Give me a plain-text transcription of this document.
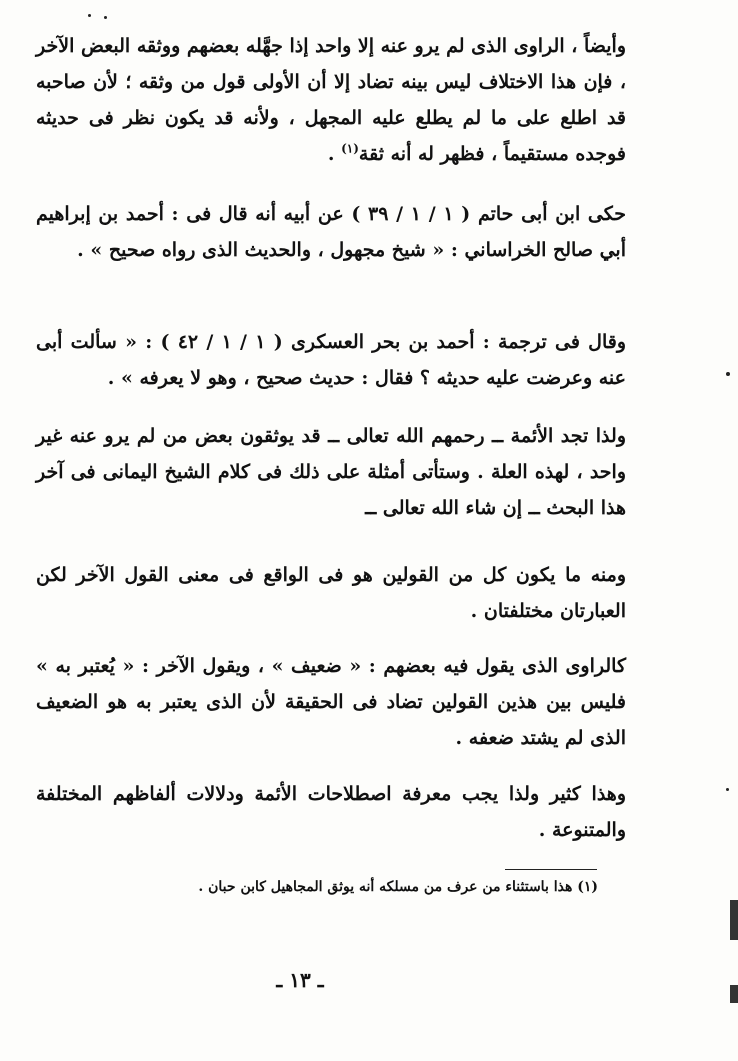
وأيضاً ، الراوى الذى لم يرو عنه إلا واحد إذا جهَّله بعضهم ووثقه البعض الآخر ، فإن هذا الاختلاف ليس بينه تضاد إلا أن الأولى قول من وثقه ؛ لأن صاحبه قد اطلع على ما لم يطلع عليه المجهل ، ولأنه قد يكون نظر فى حديثه فوجده مستقيماً ، فظهر له أنه ثقة$^{(١)}$ .

حكى ابن أبى حاتم ( ١ / ١ / ٣٩ ) عن أبيه أنه قال فى : أحمد بن إبراهيم أبي صالح الخراساني : « شيخ مجهول ، والحديث الذى رواه صحيح » .

وقال فى ترجمة : أحمد بن بحر العسكرى ( ١ / ١ / ٤٢ ) : « سألت أبى عنه وعرضت عليه حديثه ؟ فقال : حديث صحيح ، وهو لا يعرفه » .

ولذا تجد الأئمة ــ رحمهم الله تعالى ــ قد يوثقون بعض من لم يرو عنه غير واحد ، لهذه العلة . وستأتى أمثلة على ذلك فى كلام الشيخ اليمانى فى آخر هذا البحث ــ إن شاء الله تعالى ــ

ومنه ما يكون كل من القولين هو فى الواقع فى معنى القول الآخر لكن العبارتان مختلفتان .

كالراوى الذى يقول فيه بعضهم : « ضعيف » ، ويقول الآخر : « يُعتبر به » فليس بين هذين القولين تضاد فى الحقيقة لأن الذى يعتبر به هو الضعيف الذى لم يشتد ضعفه .

وهذا كثير ولذا يجب معرفة اصطلاحات الأئمة ودلالات ألفاظهم المختلفة والمتنوعة .

(١) هذا باستثناء من عرف من مسلكه أنه يوثق المجاهيل كابن حبان .

ـ ١٣ ـ
